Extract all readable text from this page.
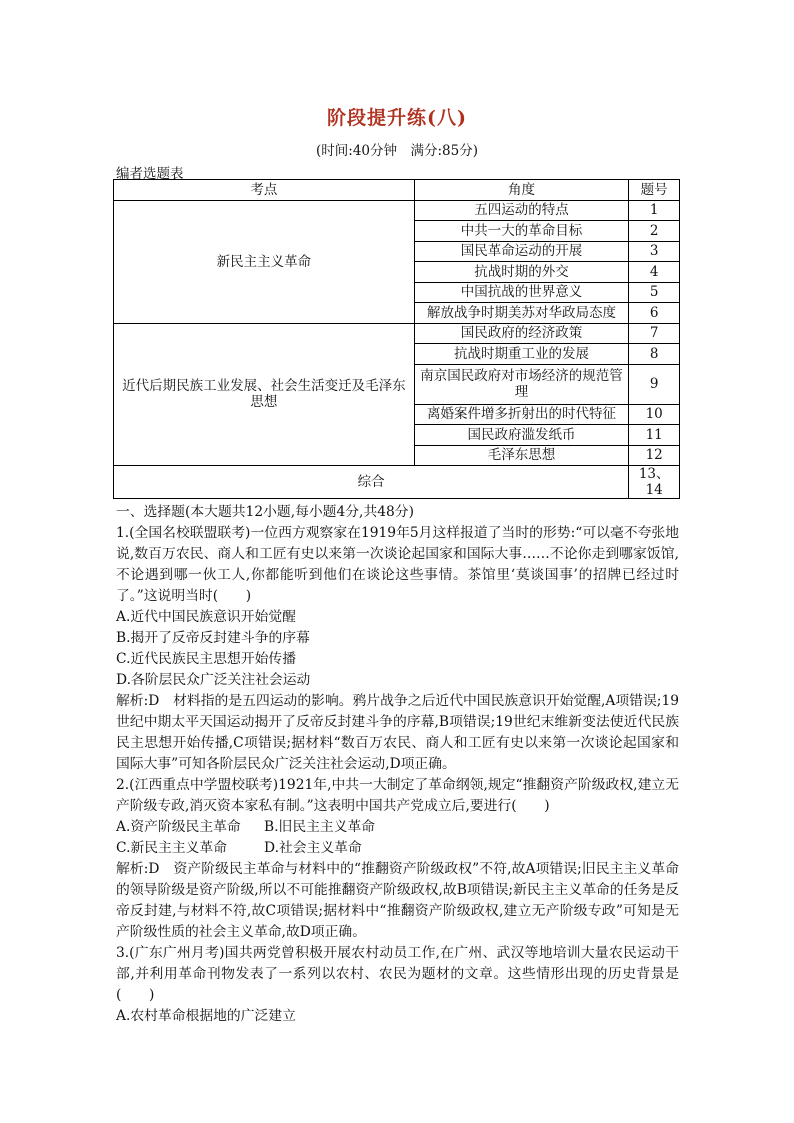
阶段提升练(八)
(时间:40分钟　满分:85分)
编者选题表
考点	角度	题号
新民主主义革命	五四运动的特点	1
	中共一大的革命目标	2
	国民革命运动的开展	3
	抗战时期的外交	4
	中国抗战的世界意义	5
	解放战争时期美苏对华政局态度	6
近代后期民族工业发展、社会生活变迁及毛泽东思想	国民政府的经济政策	7
	抗战时期重工业的发展	8
	南京国民政府对市场经济的规范管理	9
	离婚案件增多折射出的时代特征	10
	国民政府滥发纸币	11
	毛泽东思想	12
综合		13、14

一、选择题(本大题共12小题,每小题4分,共48分)

1.(全国名校联盟联考)一位西方观察家在1919年5月这样报道了当时的形势:“可以毫不夸张地说,数百万农民、商人和工匠有史以来第一次谈论起国家和国际大事……不论你走到哪家饭馆,不论遇到哪一伙工人,你都能听到他们在谈论这些事情。茶馆里‘莫谈国事’的招牌已经过时了。”这说明当时(　　)

A.近代中国民族意识开始觉醒

B.揭开了反帝反封建斗争的序幕

C.近代民族民主思想开始传播

D.各阶层民众广泛关注社会运动

解析:D　材料指的是五四运动的影响。鸦片战争之后近代中国民族意识开始觉醒,A项错误;19世纪中期太平天国运动揭开了反帝反封建斗争的序幕,B项错误;19世纪末维新变法使近代民族民主思想开始传播,C项错误;据材料“数百万农民、商人和工匠有史以来第一次谈论起国家和国际大事”可知各阶层民众广泛关注社会运动,D项正确。

2.(江西重点中学盟校联考)1921年,中共一大制定了革命纲领,规定“推翻资产阶级政权,建立无产阶级专政,消灭资本家私有制。”这表明中国共产党成立后,要进行(　　)

A.资产阶级民主革命 B.旧民主主义革命

C.新民主主义革命	D.社会主义革命

解析:D　资产阶级民主革命与材料中的“推翻资产阶级政权”不符,故A项错误;旧民主主义革命的领导阶级是资产阶级,所以不可能推翻资产阶级政权,故B项错误;新民主主义革命的任务是反帝反封建,与材料不符,故C项错误;据材料中“推翻资产阶级政权,建立无产阶级专政”可知是无产阶级性质的社会主义革命,故D项正确。

3.(广东广州月考)国共两党曾积极开展农村动员工作,在广州、武汉等地培训大量农民运动干部,并利用革命刊物发表了一系列以农村、农民为题材的文章。这些情形出现的历史背景是(　　)

A.农村革命根据地的广泛建立
